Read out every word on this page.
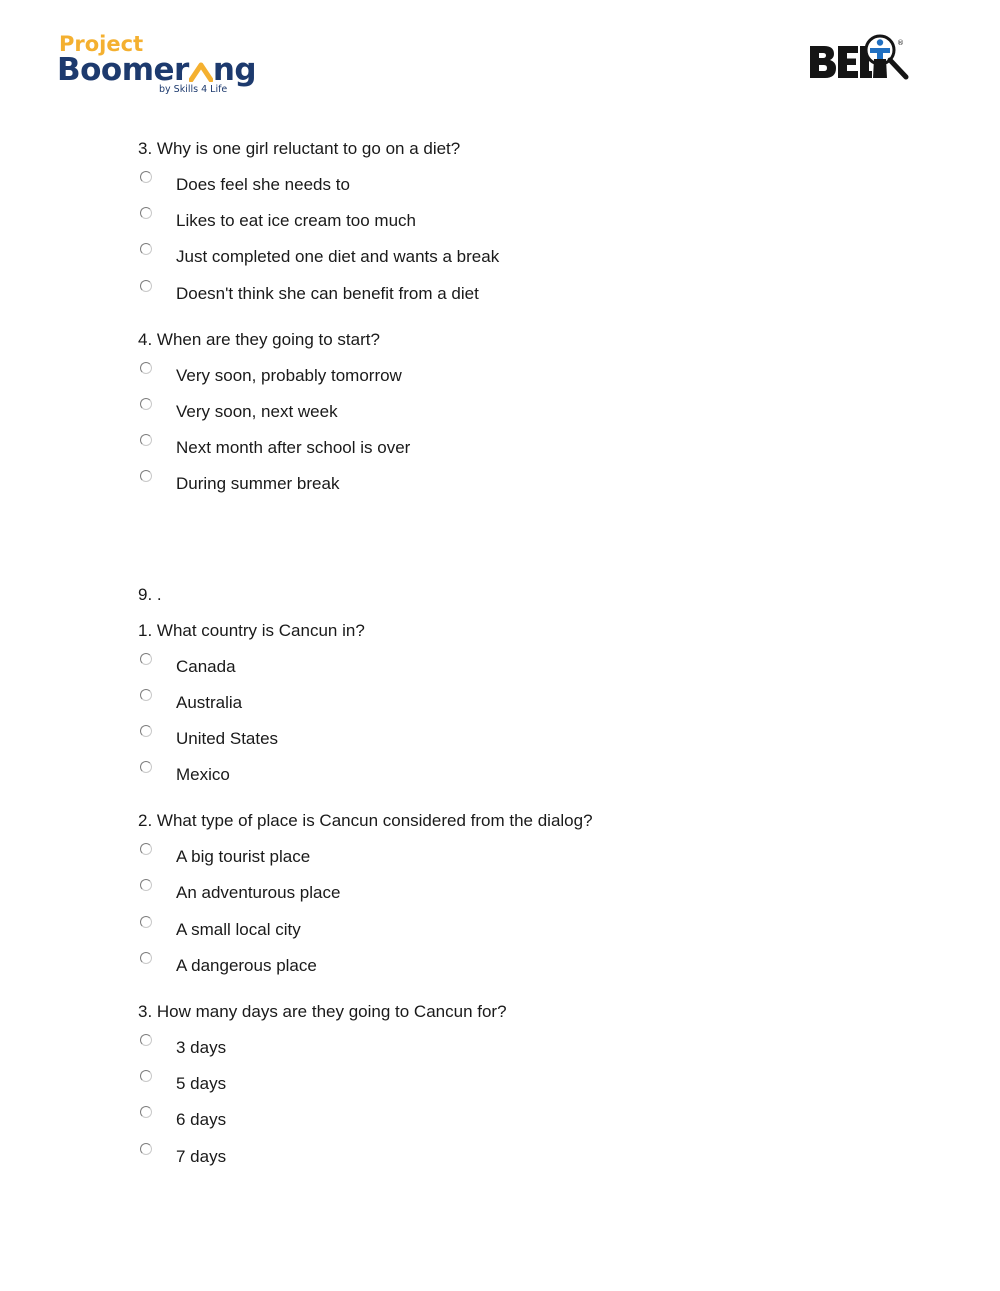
Project
Boomer ng
by Skills 4 Life
®
3. Why is one girl reluctant to go on a diet?
Does feel she needs to
Likes to eat ice cream too much
Just completed one diet and wants a break
Doesn't think she can benefit from a diet
4. When are they going to start?
Very soon, probably tomorrow
Very soon, next week
Next month after school is over
During summer break
9. .
1. What country is Cancun in?
Canada
Australia
United States
Mexico
2. What type of place is Cancun considered from the dialog?
A big tourist place
An adventurous place
A small local city
A dangerous place
3. How many days are they going to Cancun for?
3 days
5 days
6 days
7 days
